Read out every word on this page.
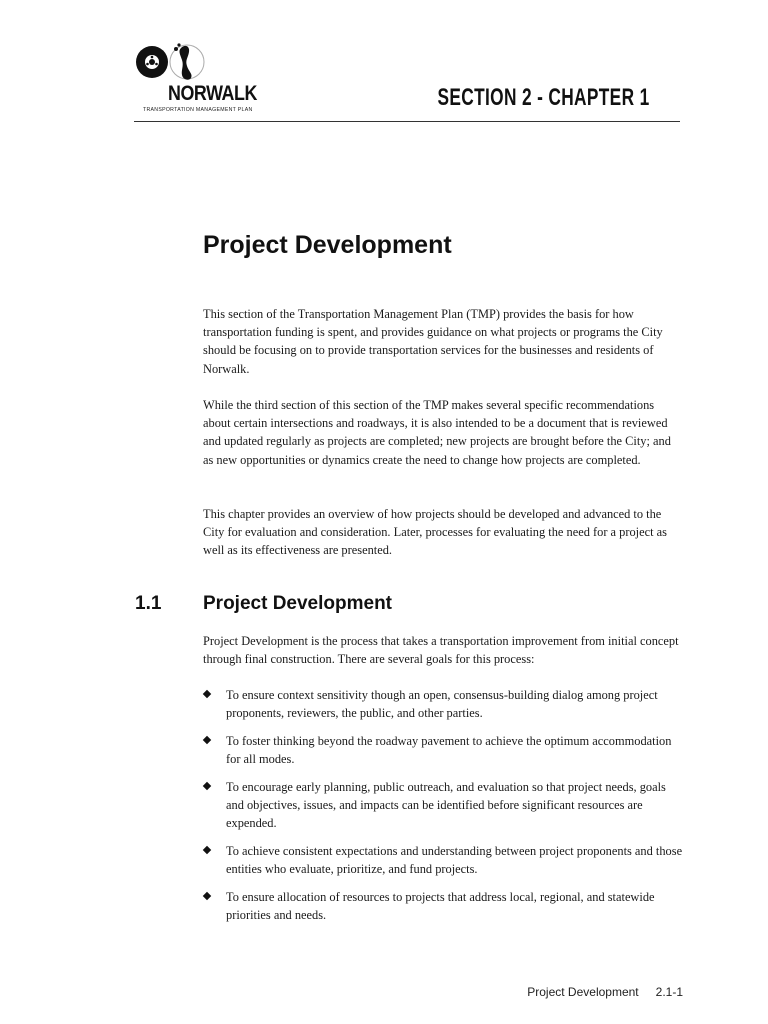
NORWALK
TRANSPORTATION MANAGEMENT PLAN	SECTION 2 - CHAPTER 1
Project Development

This section of the Transportation Management Plan (TMP) provides the basis for how transportation funding is spent, and provides guidance on what projects or programs the City should be focusing on to provide transportation services for the businesses and residents of Norwalk.

While the third section of this section of the TMP makes several specific recommendations about certain intersections and roadways, it is also intended to be a document that is reviewed and updated regularly as projects are completed; new projects are brought before the City; and as new opportunities or dynamics create the need to change how projects are completed.

This chapter provides an overview of how projects should be developed and advanced to the City for evaluation and consideration. Later, processes for evaluating the need for a project as well as its effectiveness are presented.

1.1 Project Development

Project Development is the process that takes a transportation improvement from initial concept through final construction. There are several goals for this process:

To ensure context sensitivity though an open, consensus-building dialog among project proponents, reviewers, the public, and other parties.
To foster thinking beyond the roadway pavement to achieve the optimum accommodation for all modes.
To encourage early planning, public outreach, and evaluation so that project needs, goals and objectives, issues, and impacts can be identified before significant resources are expended.
To achieve consistent expectations and understanding between project proponents and those entities who evaluate, prioritize, and fund projects.
To ensure allocation of resources to projects that address local, regional, and statewide priorities and needs.
Project Development 2.1-1
